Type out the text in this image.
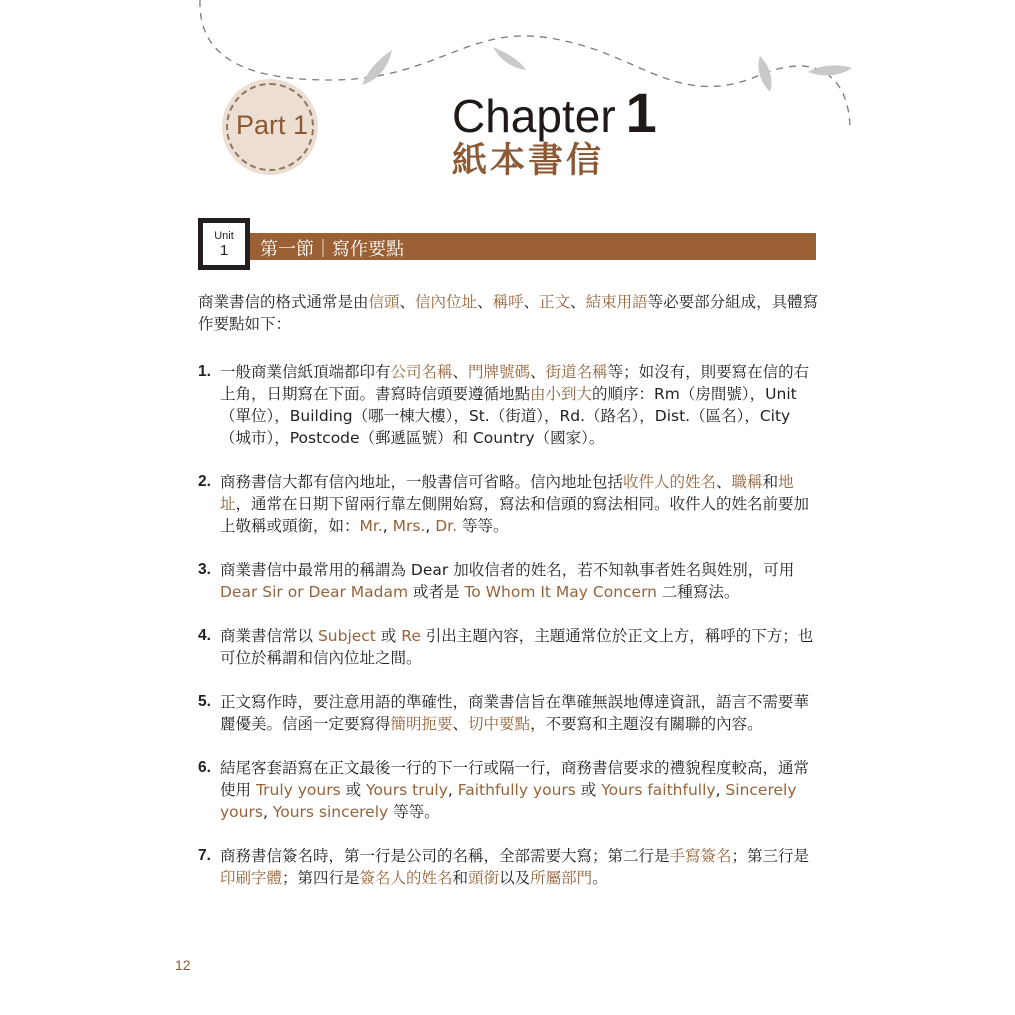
Part 1	Chapter 1
紙本書信
第一節｜寫作要點
Unit
1

商業書信的格式通常是由信頭、信內位址、稱呼、正文、結束用語等必要部分組成，具體寫作要點如下：

1. 一般商業信紙頂端都印有公司名稱、門牌號碼、街道名稱等；如沒有，則要寫在信的右上角，日期寫在下面。書寫時信頭要遵循地點由小到大的順序：Rm（房間號），Unit（單位），Building（哪一棟大樓），St.（街道），Rd.（路名），Dist.（區名），City（城市），Postcode（郵遞區號）和 Country（國家）。
2. 商務書信大都有信內地址，一般書信可省略。信內地址包括收件人的姓名、職稱和地址，通常在日期下留兩行靠左側開始寫，寫法和信頭的寫法相同。收件人的姓名前要加上敬稱或頭銜，如：Mr., Mrs., Dr. 等等。
3. 商業書信中最常用的稱謂為 Dear 加收信者的姓名，若不知執事者姓名與姓別，可用 Dear Sir or Dear Madam 或者是 To Whom It May Concern 二種寫法。
4. 商業書信常以 Subject 或 Re 引出主題內容，主題通常位於正文上方，稱呼的下方；也可位於稱謂和信內位址之間。
5. 正文寫作時，要注意用語的準確性，商業書信旨在準確無誤地傳達資訊，語言不需要華麗優美。信函一定要寫得簡明扼要、切中要點，不要寫和主題沒有關聯的內容。
6. 結尾客套語寫在正文最後一行的下一行或隔一行，商務書信要求的禮貌程度較高，通常使用 Truly yours 或 Yours truly, Faithfully yours 或 Yours faithfully, Sincerely yours, Yours sincerely 等等。
7. 商務書信簽名時，第一行是公司的名稱，全部需要大寫；第二行是手寫簽名；第三行是印刷字體；第四行是簽名人的姓名和頭銜以及所屬部門。
12
